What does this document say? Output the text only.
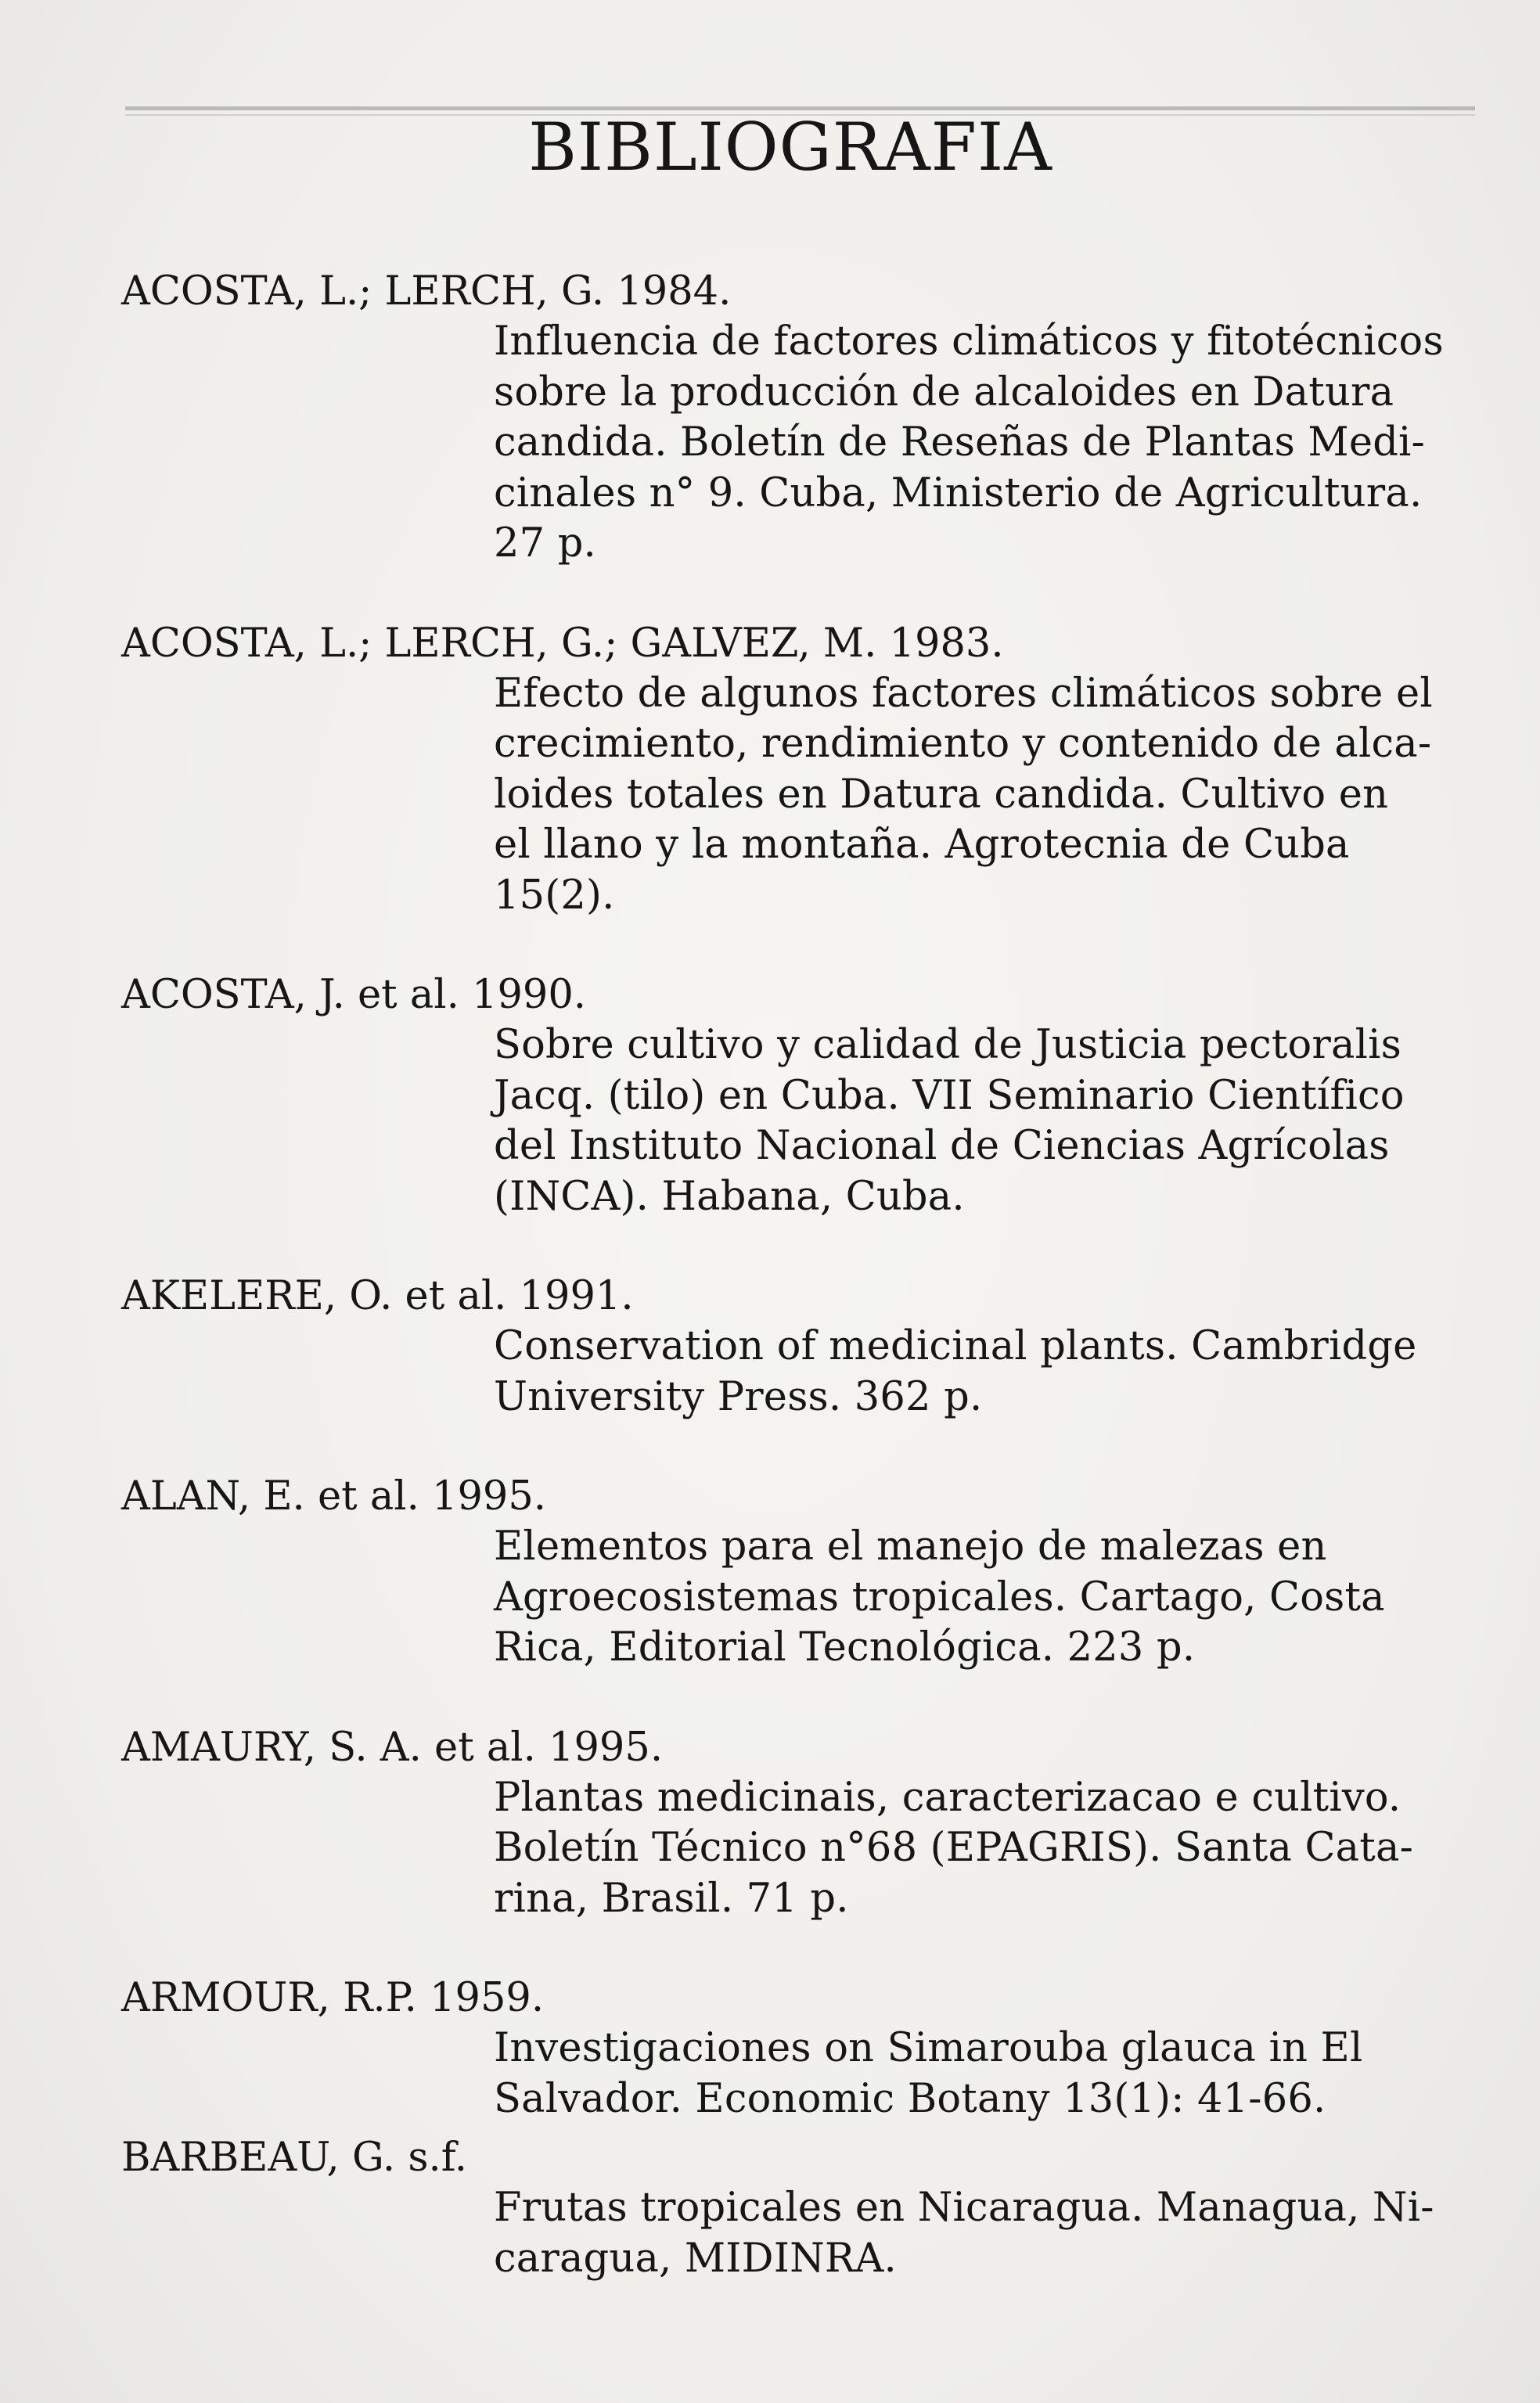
BIBLIOGRAFIA
ACOSTA, L.; LERCH, G. 1984.
Influencia de factores climáticos y fitotécnicos
sobre la producción de alcaloides en Datura
candida. Boletín de Reseñas de Plantas Medi-
cinales n° 9. Cuba, Ministerio de Agricultura.
27 p.
ACOSTA, L.; LERCH, G.; GALVEZ, M. 1983.
Efecto de algunos factores climáticos sobre el
crecimiento, rendimiento y contenido de alca-
loides totales en Datura candida. Cultivo en
el llano y la montaña. Agrotecnia de Cuba
15(2).
ACOSTA, J. et al. 1990.
Sobre cultivo y calidad de Justicia pectoralis
Jacq. (tilo) en Cuba. VII Seminario Científico
del Instituto Nacional de Ciencias Agrícolas
(INCA). Habana, Cuba.
AKELERE, O. et al. 1991.
Conservation of medicinal plants. Cambridge
University Press. 362 p.
ALAN, E. et al. 1995.
Elementos para el manejo de malezas en
Agroecosistemas tropicales. Cartago, Costa
Rica, Editorial Tecnológica. 223 p.
AMAURY, S. A. et al. 1995.
Plantas medicinais, caracterizacao e cultivo.
Boletín Técnico n°68 (EPAGRIS). Santa Cata-
rina, Brasil. 71 p.
ARMOUR, R.P. 1959.
Investigaciones on Simarouba glauca in El
Salvador. Economic Botany 13(1): 41-66.
BARBEAU, G. s.f.
Frutas tropicales en Nicaragua. Managua, Ni-
caragua, MIDINRA.
